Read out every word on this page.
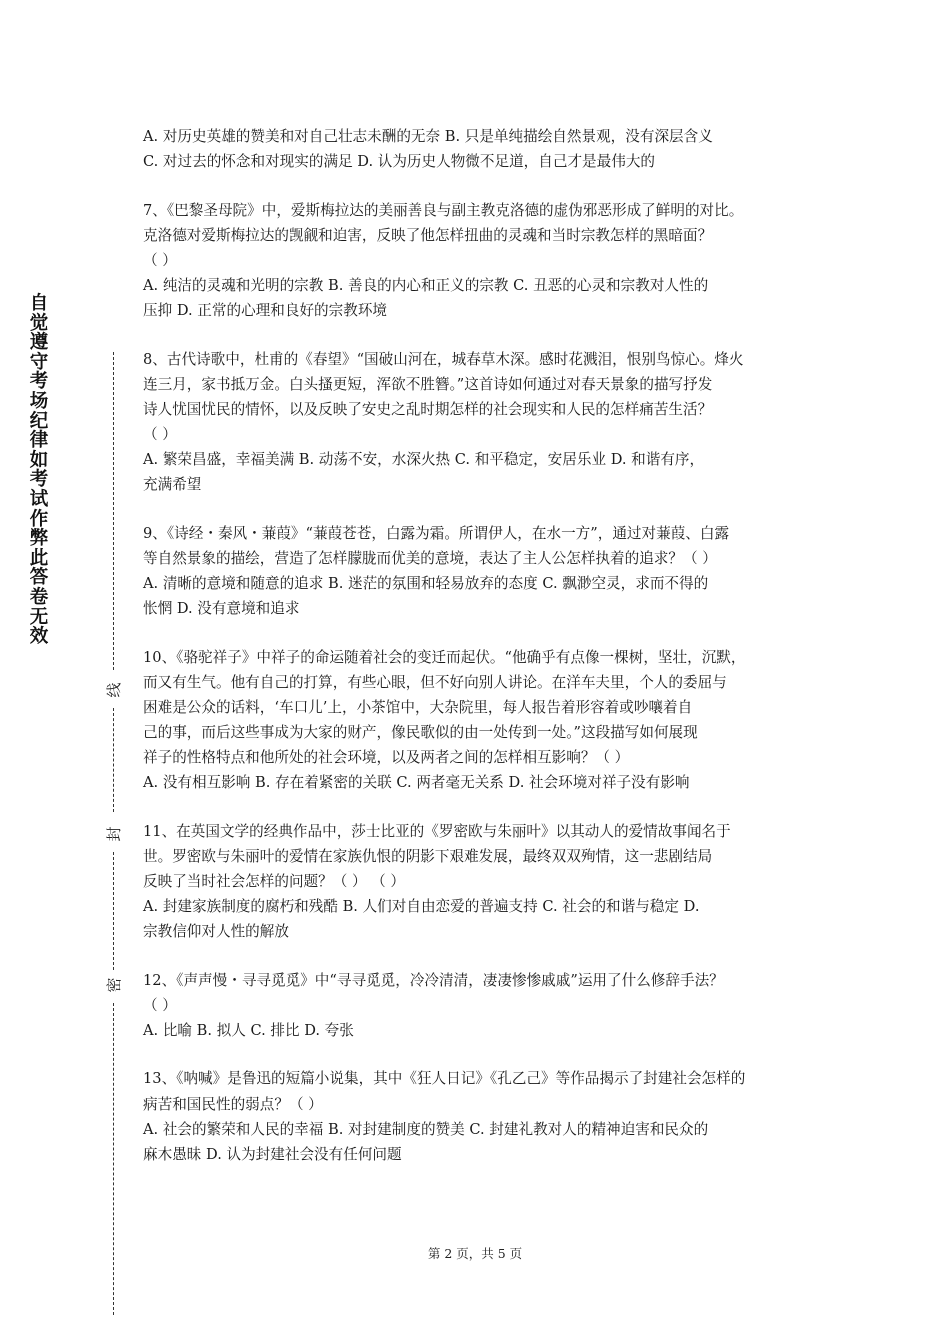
自觉遵守考场纪律如考试作弊此答卷无效
线
封
密

A. 对历史英雄的赞美和对自己壮志未酬的无奈 B. 只是单纯描绘自然景观，没有深层含义

C. 对过去的怀念和对现实的满足 D. 认为历史人物微不足道，自己才是最伟大的

7、《巴黎圣母院》中，爱斯梅拉达的美丽善良与副主教克洛德的虚伪邪恶形成了鲜明的对比。

克洛德对爱斯梅拉达的觊觎和迫害，反映了他怎样扭曲的灵魂和当时宗教怎样的黑暗面？

（ ）

A. 纯洁的灵魂和光明的宗教 B. 善良的内心和正义的宗教 C. 丑恶的心灵和宗教对人性的

压抑 D. 正常的心理和良好的宗教环境

8、古代诗歌中，杜甫的《春望》“国破山河在，城春草木深。感时花溅泪，恨别鸟惊心。烽火

连三月，家书抵万金。白头搔更短，浑欲不胜簪。”这首诗如何通过对春天景象的描写抒发

诗人忧国忧民的情怀，以及反映了安史之乱时期怎样的社会现实和人民的怎样痛苦生活？

（ ）

A. 繁荣昌盛，幸福美满 B. 动荡不安，水深火热 C. 和平稳定，安居乐业 D. 和谐有序，

充满希望

9、《诗经・秦风・蒹葭》“蒹葭苍苍，白露为霜。所谓伊人，在水一方”，通过对蒹葭、白露

等自然景象的描绘，营造了怎样朦胧而优美的意境，表达了主人公怎样执着的追求？（ ）

A. 清晰的意境和随意的追求 B. 迷茫的氛围和轻易放弃的态度 C. 飘渺空灵，求而不得的

怅惘 D. 没有意境和追求

10、《骆驼祥子》中祥子的命运随着社会的变迁而起伏。“他确乎有点像一棵树，坚壮，沉默，

而又有生气。他有自己的打算，有些心眼，但不好向别人讲论。在洋车夫里，个人的委屈与

困难是公众的话料，‘车口儿’上，小茶馆中，大杂院里，每人报告着形容着或吵嚷着自

己的事，而后这些事成为大家的财产，像民歌似的由一处传到一处。”这段描写如何展现

祥子的性格特点和他所处的社会环境，以及两者之间的怎样相互影响？（ ）

A. 没有相互影响 B. 存在着紧密的关联 C. 两者毫无关系 D. 社会环境对祥子没有影响

11、在英国文学的经典作品中，莎士比亚的《罗密欧与朱丽叶》以其动人的爱情故事闻名于

世。罗密欧与朱丽叶的爱情在家族仇恨的阴影下艰难发展，最终双双殉情，这一悲剧结局

反映了当时社会怎样的问题？（ ） （ ）

A. 封建家族制度的腐朽和残酷 B. 人们对自由恋爱的普遍支持 C. 社会的和谐与稳定 D.

宗教信仰对人性的解放

12、《声声慢・寻寻觅觅》中“寻寻觅觅，冷冷清清，凄凄惨惨戚戚”运用了什么修辞手法？

（ ）

A. 比喻 B. 拟人 C. 排比 D. 夸张

13、《呐喊》是鲁迅的短篇小说集，其中《狂人日记》《孔乙己》等作品揭示了封建社会怎样的

病苦和国民性的弱点？（ ）

A. 社会的繁荣和人民的幸福 B. 对封建制度的赞美 C. 封建礼教对人的精神迫害和民众的

麻木愚昧 D. 认为封建社会没有任何问题

第 2 页，共 5 页
